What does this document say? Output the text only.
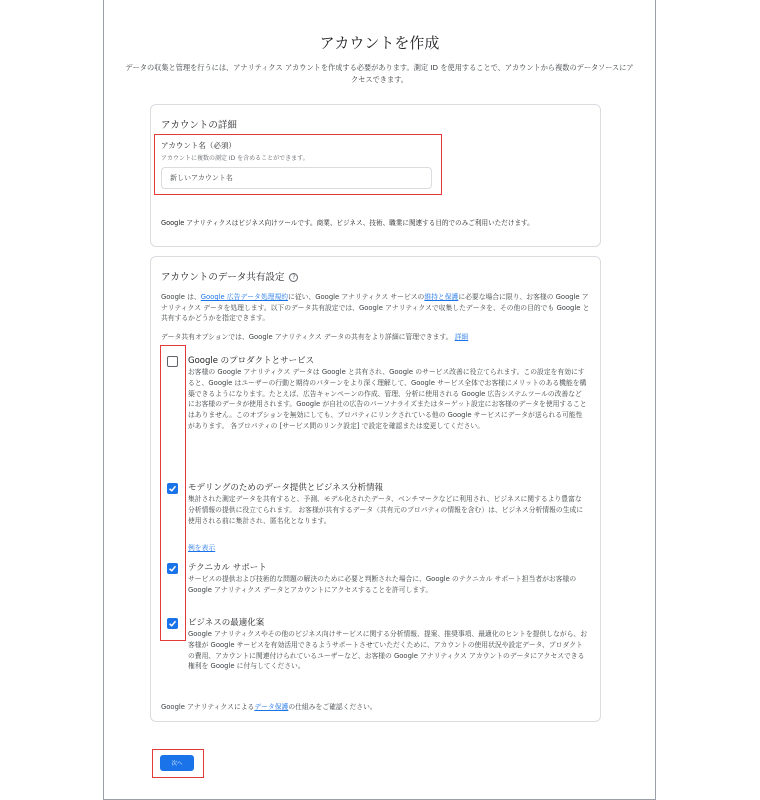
アカウントを作成

データの収集と管理を行うには、アナリティクス アカウントを作成する必要があります。測定 ID を使用することで、アカウントから複数のデータソースにアクセスできます。

アカウントの詳細
アカウント名（必須）
アカウントに複数の測定 ID を含めることができます。
新しいアカウント名

Google アナリティクスはビジネス向けツールです。商業、ビジネス、技術、職業に関連する目的でのみご利用いただけます。

アカウントのデータ共有設定 ?

Google は、Google 広告データ処理規約に従い、Google アナリティクス サービスの維持と保護に必要な場合に限り、お客様の Google アナリティクス データを処理します。以下のデータ共有設定では、Google アナリティクスで収集したデータを、その他の目的でも Google と共有するかどうかを指定できます。

データ共有オプションでは、Google アナリティクス データの共有をより詳細に管理できます。 詳細

Google のプロダクトとサービス

お客様の Google アナリティクス データは Google と共有され、Google のサービス改善に役立てられます。この設定を有効にすると、Google はユーザーの行動と期待のパターンをより深く理解して、Google サービス全体でお客様にメリットのある機能を構築できるようになります。たとえば、広告キャンペーンの作成、管理、分析に使用される Google 広告システムツールの改善などにお客様のデータが使用されます。Google が自社の広告のパーソナライズまたはターゲット設定にお客様のデータを使用することはありません。このオプションを無効にしても、プロパティにリンクされている他の Google サービスにデータが送られる可能性があります。 各プロパティの [サービス間のリンク設定] で設定を確認または変更してください。

モデリングのためのデータ提供とビジネス分析情報

集計された測定データを共有すると、予測、モデル化されたデータ、ベンチマークなどに利用され、ビジネスに関するより豊富な分析情報の提供に役立てられます。 お客様が共有するデータ（共有元のプロパティの情報を含む）は、ビジネス分析情報の生成に使用される前に集計され、匿名化となります。

例を表示
テクニカル サポート

サービスの提供および技術的な問題の解決のために必要と判断された場合に、Google のテクニカル サポート担当者がお客様の Google アナリティクス データとアカウントにアクセスすることを許可します。

ビジネスの最適化案

Google アナリティクスやその他のビジネス向けサービスに関する分析情報、提案、推奨事項、最適化のヒントを提供しながら、お客様が Google サービスを有効活用できるようサポートさせていただくために、アカウントの使用状況や設定データ、プロダクトの費用、アカウントに関連付けられているユーザーなど、お客様の Google アナリティクス アカウントのデータにアクセスできる権利を Google に付与してください。

Google アナリティクスによるデータ保護の仕組みをご確認ください。

次へ
